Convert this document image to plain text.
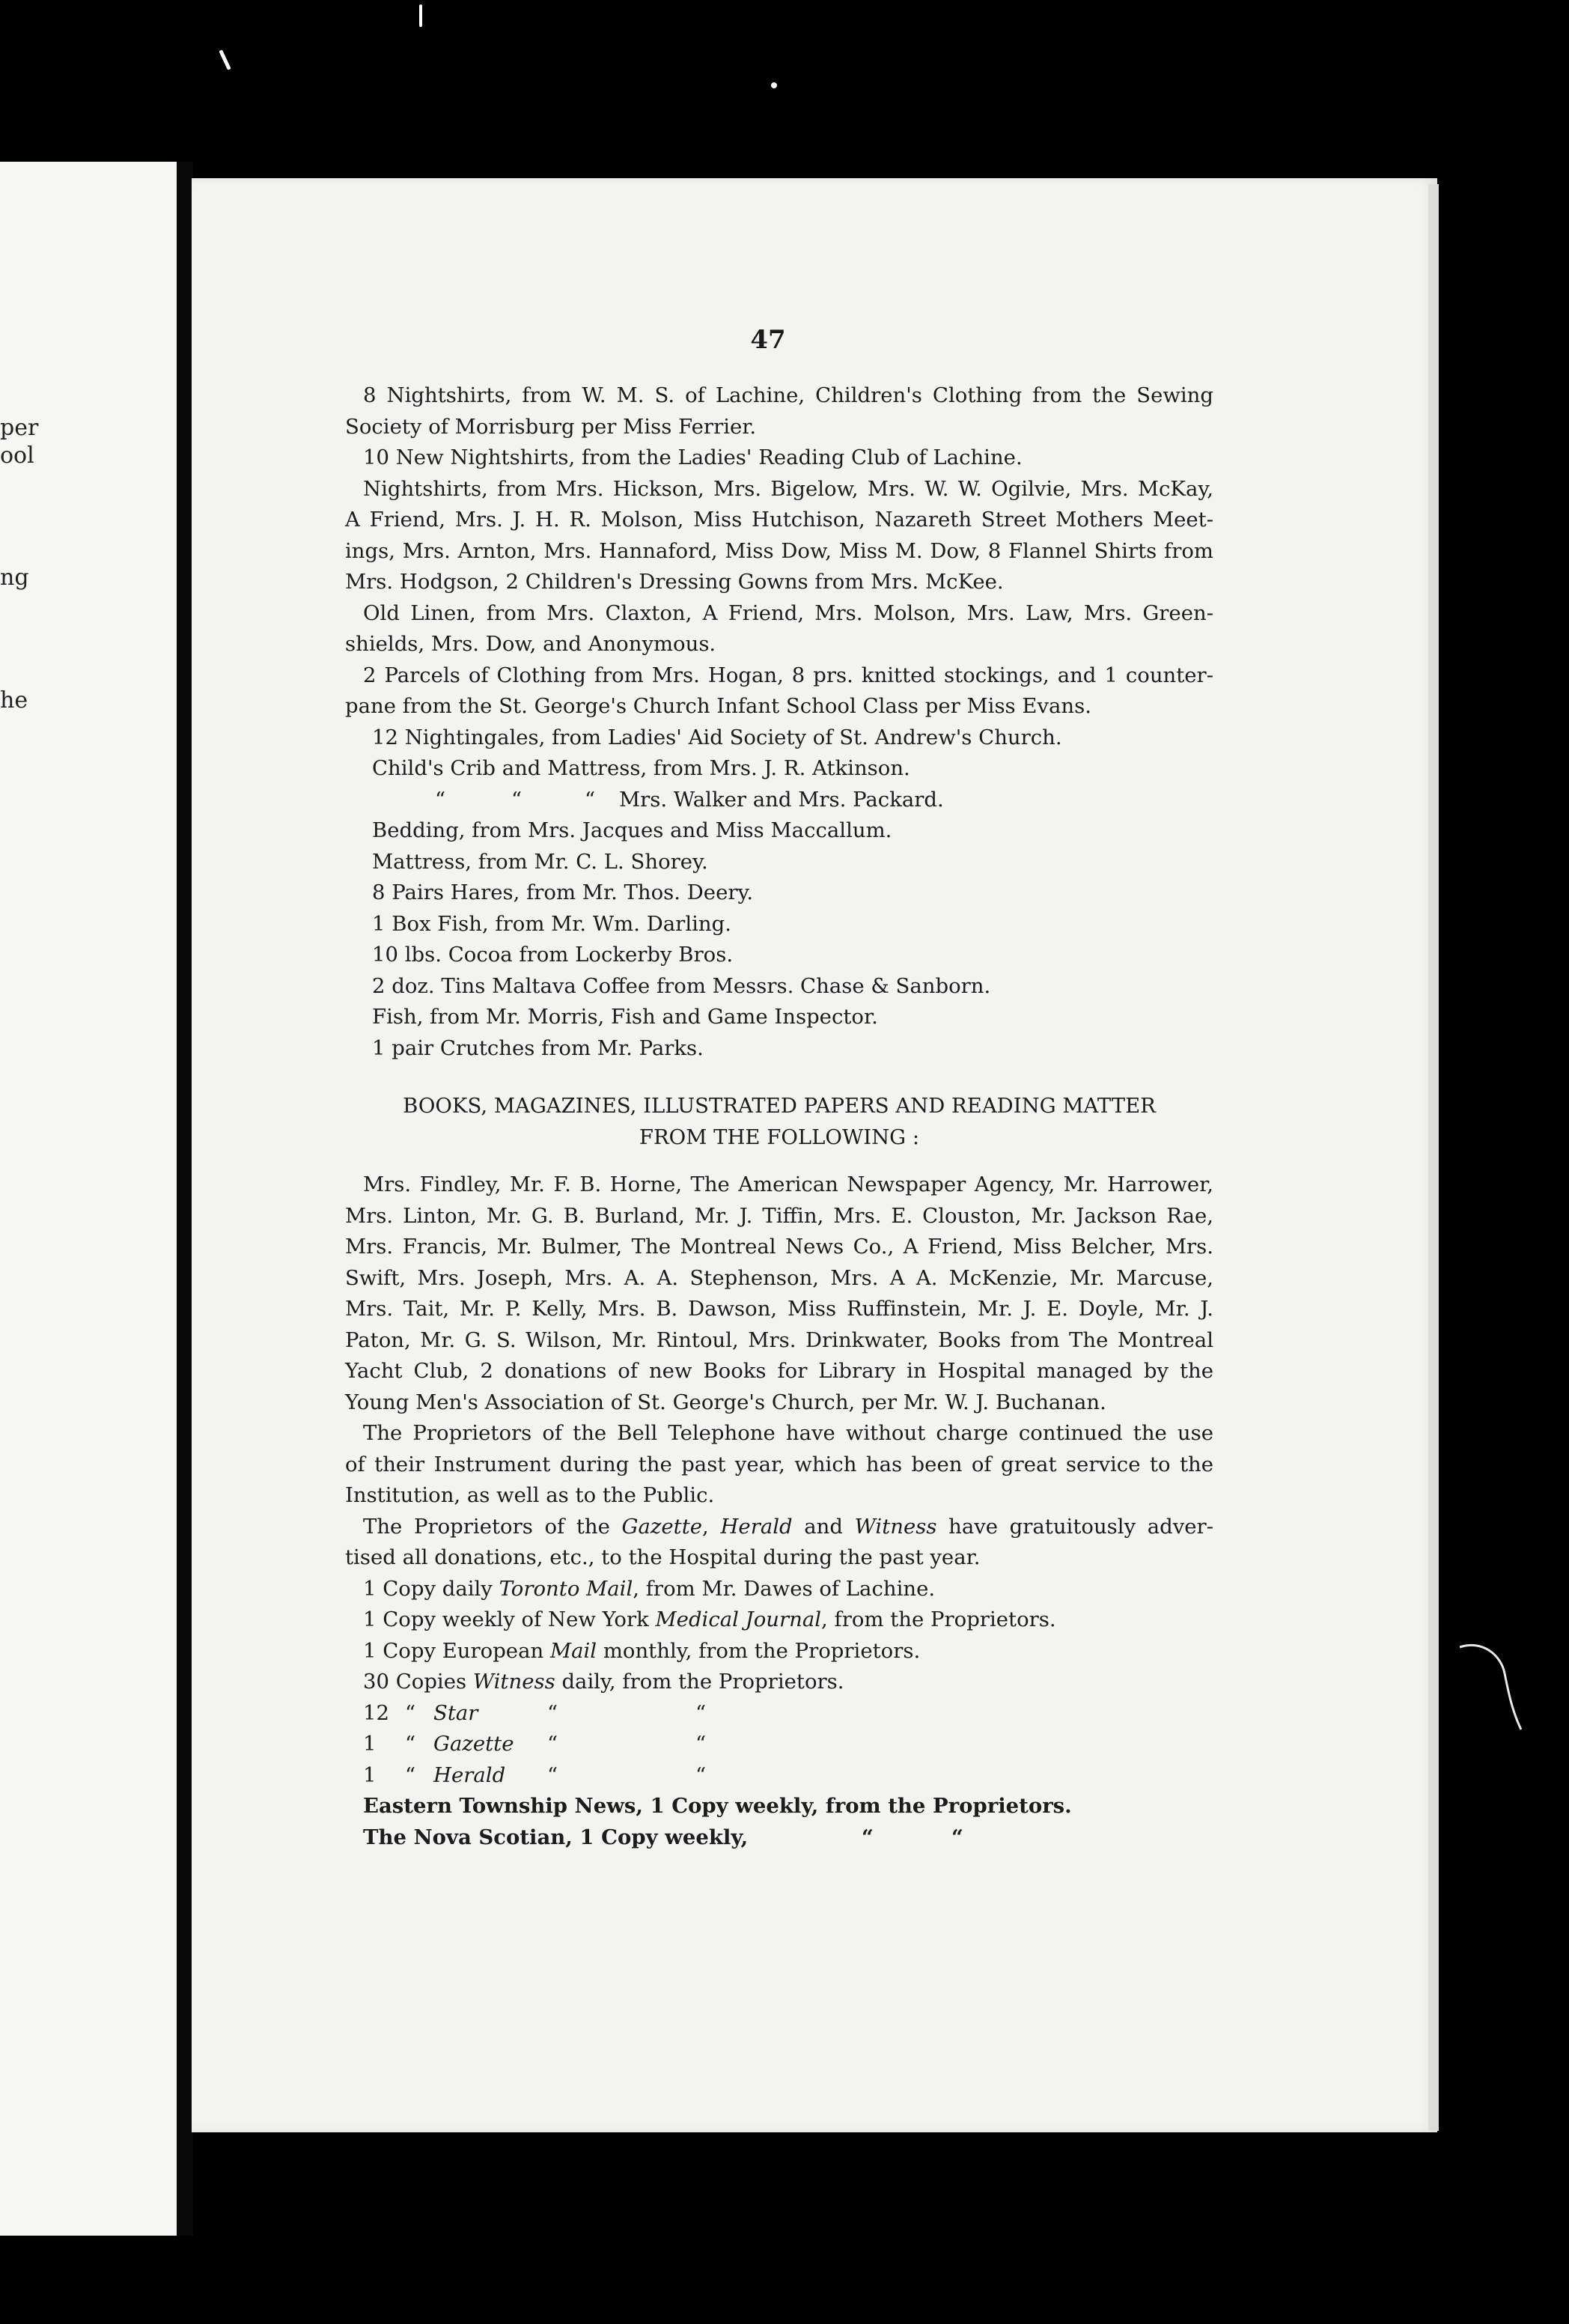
per
ool
ng
he
47
8 Nightshirts, from W. M. S. of Lachine, Children's Clothing from the Sewing
Society of Morrisburg per Miss Ferrier.
10 New Nightshirts, from the Ladies' Reading Club of Lachine.
Nightshirts, from Mrs. Hickson, Mrs. Bigelow, Mrs. W. W. Ogilvie, Mrs. McKay,
A Friend, Mrs. J. H. R. Molson, Miss Hutchison, Nazareth Street Mothers Meet-
ings, Mrs. Arnton, Mrs. Hannaford, Miss Dow, Miss M. Dow, 8 Flannel Shirts from
Mrs. Hodgson, 2 Children's Dressing Gowns from Mrs. McKee.
Old Linen, from Mrs. Claxton, A Friend, Mrs. Molson, Mrs. Law, Mrs. Green-
shields, Mrs. Dow, and Anonymous.
2 Parcels of Clothing from Mrs. Hogan, 8 prs. knitted stockings, and 1 counter-
pane from the St. George's Church Infant School Class per Miss Evans.
12 Nightingales, from Ladies' Aid Society of St. Andrew's Church.
Child's Crib and Mattress, from Mrs. J. R. Atkinson.
“	“	“ Mrs. Walker and Mrs. Packard.
Bedding, from Mrs. Jacques and Miss Maccallum.
Mattress, from Mr. C. L. Shorey.
8 Pairs Hares, from Mr. Thos. Deery.
1 Box Fish, from Mr. Wm. Darling.
10 lbs. Cocoa from Lockerby Bros.
2 doz. Tins Maltava Coffee from Messrs. Chase & Sanborn.
Fish, from Mr. Morris, Fish and Game Inspector.
1 pair Crutches from Mr. Parks.
BOOKS, MAGAZINES, ILLUSTRATED PAPERS AND READING MATTER
FROM THE FOLLOWING :
Mrs. Findley, Mr. F. B. Horne, The American Newspaper Agency, Mr. Harrower,
Mrs. Linton, Mr. G. B. Burland, Mr. J. Tiffin, Mrs. E. Clouston, Mr. Jackson Rae,
Mrs. Francis, Mr. Bulmer, The Montreal News Co., A Friend, Miss Belcher, Mrs.
Swift, Mrs. Joseph, Mrs. A. A. Stephenson, Mrs. A A. McKenzie, Mr. Marcuse,
Mrs. Tait, Mr. P. Kelly, Mrs. B. Dawson, Miss Ruffinstein, Mr. J. E. Doyle, Mr. J.
Paton, Mr. G. S. Wilson, Mr. Rintoul, Mrs. Drinkwater, Books from The Montreal
Yacht Club, 2 donations of new Books for Library in Hospital managed by the
Young Men's Association of St. George's Church, per Mr. W. J. Buchanan.
The Proprietors of the Bell Telephone have without charge continued the use
of their Instrument during the past year, which has been of great service to the
Institution, as well as to the Public.
The Proprietors of the Gazette, Herald and Witness have gratuitously adver-
tised all donations, etc., to the Hospital during the past year.
1 Copy daily Toronto Mail, from Mr. Dawes of Lachine.
1 Copy weekly of New York Medical Journal, from the Proprietors.
1 Copy European Mail monthly, from the Proprietors.
30 Copies Witness daily, from the Proprietors.
12 “ Star	“	“
1 “ Gazette “	“
1 “ Herald “	“
Eastern Township News, 1 Copy weekly, from the Proprietors.
The Nova Scotian, 1 Copy weekly,	“	“
